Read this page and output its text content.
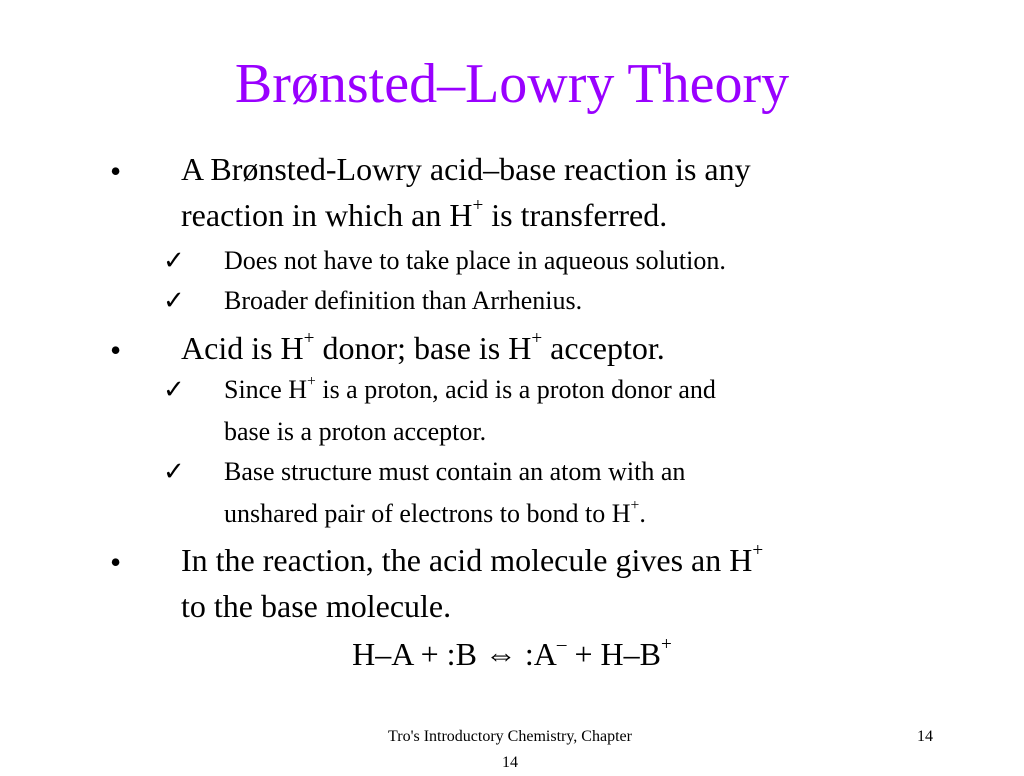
Brønsted–Lowry Theory
• A Brønsted-Lowry acid–base reaction is any
reaction in which an H+ is transferred.
✓ Does not have to take place in aqueous solution.
✓ Broader definition than Arrhenius.
• Acid is H+ donor; base is H+ acceptor.
✓ Since H+ is a proton, acid is a proton donor and
base is a proton acceptor.
✓ Base structure must contain an atom with an
unshared pair of electrons to bond to H+.
• In the reaction, the acid molecule gives an H+
to the base molecule.
H–A + :B ⇔ :A– + H–B+
Tro's Introductory Chemistry, Chapter
14
14
